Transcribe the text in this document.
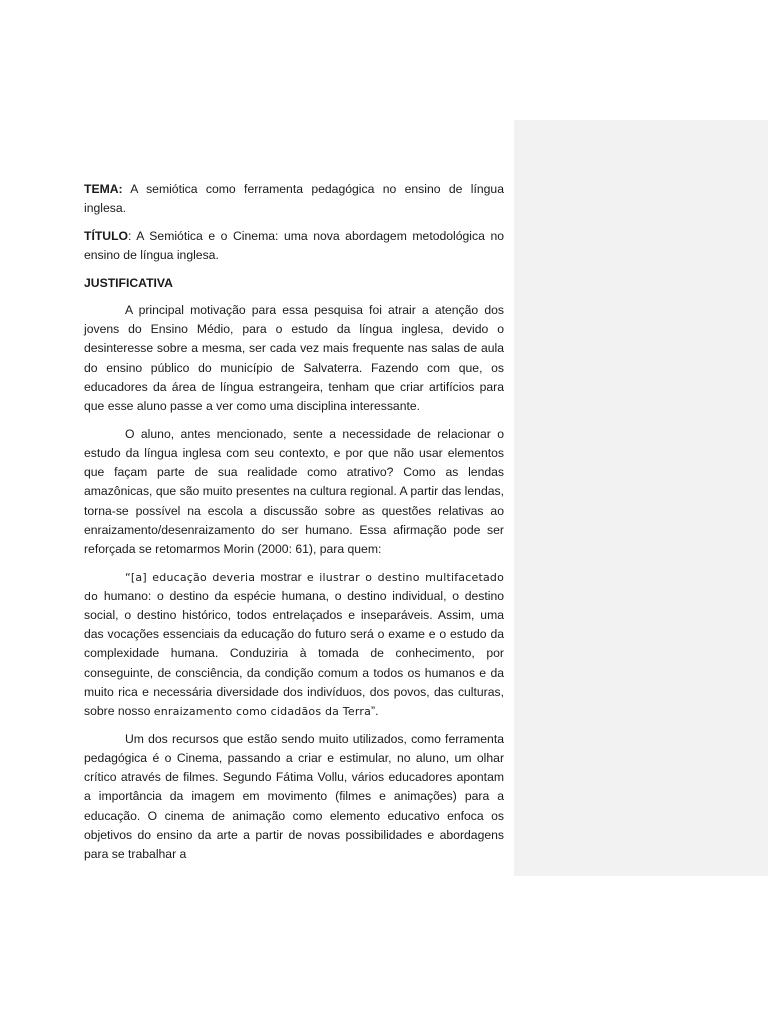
TEMA: A semiótica como ferramenta pedagógica no ensino de língua inglesa.

TÍTULO: A Semiótica e o Cinema: uma nova abordagem metodológica no ensino de língua inglesa.

JUSTIFICATIVA

A principal motivação para essa pesquisa foi atrair a atenção dos jovens do Ensino Médio, para o estudo da língua inglesa, devido o desinteresse sobre a mesma, ser cada vez mais frequente nas salas de aula do ensino público do município de Salvaterra. Fazendo com que, os educadores da área de língua estrangeira, tenham que criar artifícios para que esse aluno passe a ver como uma disciplina interessante.

O aluno, antes mencionado, sente a necessidade de relacionar o estudo da língua inglesa com seu contexto, e por que não usar elementos que façam parte de sua realidade como atrativo? Como as lendas amazônicas, que são muito presentes na cultura regional. A partir das lendas, torna-se possível na escola a discussão sobre as questões relativas ao enraizamento/desenraizamento do ser humano. Essa afirmação pode ser reforçada se retomarmos Morin (2000: 61), para quem:

“[a] educação deveria mostrar e ilustrar o destino multifacetado do humano: o destino da espécie humana, o destino individual, o destino social, o destino histórico, todos entrelaçados e inseparáveis. Assim, uma das vocações essenciais da educação do futuro será o exame e o estudo da complexidade humana. Conduziria à tomada de conhecimento, por conseguinte, de consciência, da condição comum a todos os humanos e da muito rica e necessária diversidade dos indivíduos, dos povos, das culturas, sobre nosso enraizamento como cidadãos da Terra”.

Um dos recursos que estão sendo muito utilizados, como ferramenta pedagógica é o Cinema, passando a criar e estimular, no aluno, um olhar crítico através de filmes. Segundo Fátima Vollu, vários educadores apontam a importância da imagem em movimento (filmes e animações) para a educação. O cinema de animação como elemento educativo enfoca os objetivos do ensino da arte a partir de novas possibilidades e abordagens para se trabalhar a
